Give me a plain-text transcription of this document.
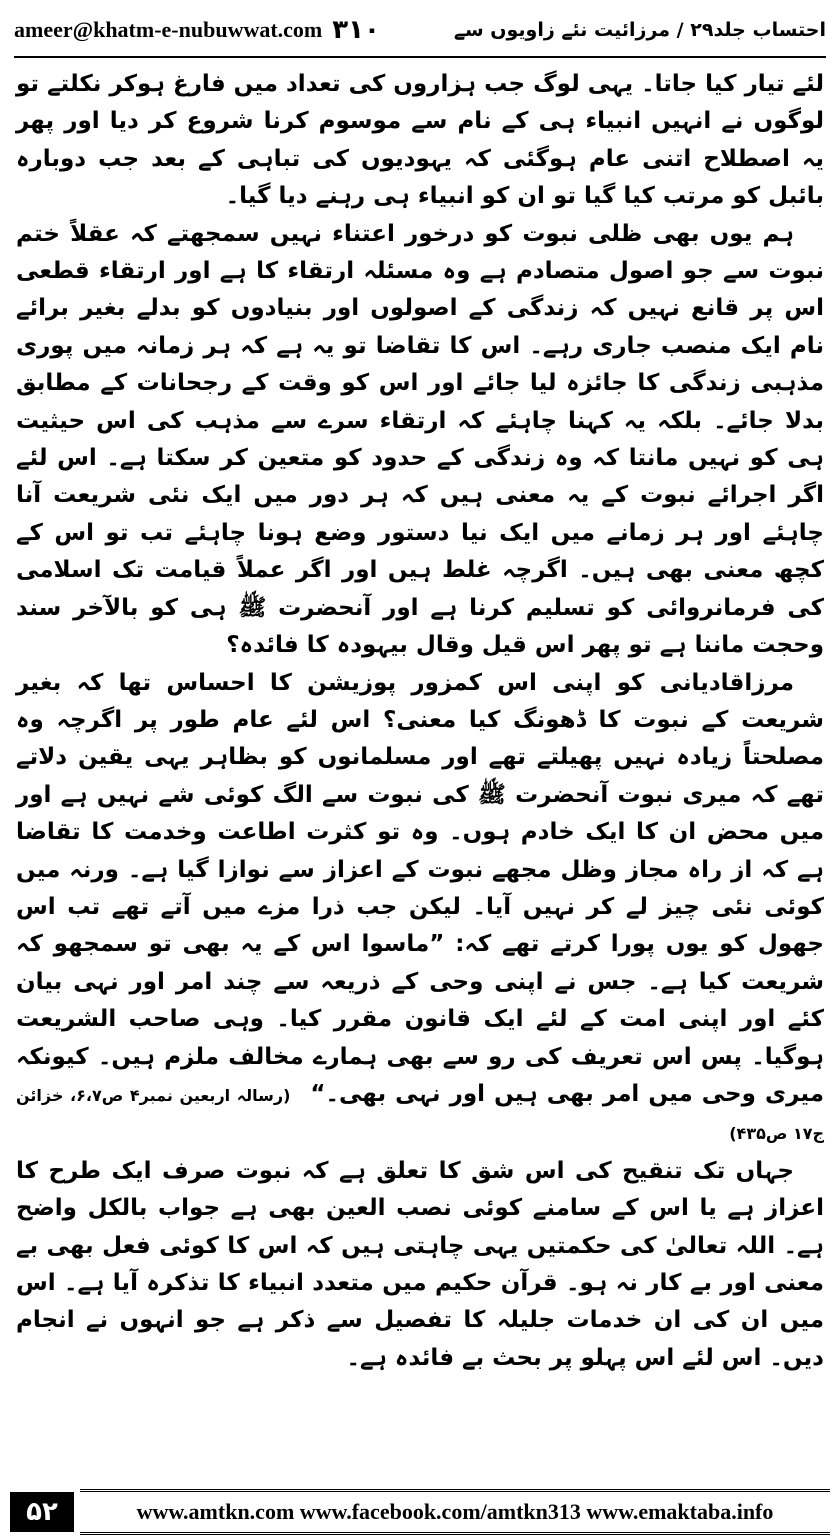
ameer@khatm-e-nubuwwat.com ۳۱۰	احتساب جلد۲۹ / مرزائیت نئے زاویوں سے

لئے تیار کیا جاتا۔ یہی لوگ جب ہزاروں کی تعداد میں فارغ ہوکر نکلتے تو لوگوں نے انہیں انبیاء ہی کے نام سے موسوم کرنا شروع کر دیا اور پھر یہ اصطلاح اتنی عام ہوگئی کہ یہودیوں کی تباہی کے بعد جب دوبارہ بائبل کو مرتب کیا گیا تو ان کو انبیاء ہی رہنے دیا گیا۔

ہم یوں بھی ظلی نبوت کو درخور اعتناء نہیں سمجھتے کہ عقلاً ختم نبوت سے جو اصول متصادم ہے وہ مسئلہ ارتقاء کا ہے اور ارتقاء قطعی اس پر قانع نہیں کہ زندگی کے اصولوں اور بنیادوں کو بدلے بغیر برائے نام ایک منصب جاری رہے۔ اس کا تقاضا تو یہ ہے کہ ہر زمانہ میں پوری مذہبی زندگی کا جائزہ لیا جائے اور اس کو وقت کے رجحانات کے مطابق بدلا جائے۔ بلکہ یہ کہنا چاہئے کہ ارتقاء سرے سے مذہب کی اس حیثیت ہی کو نہیں مانتا کہ وہ زندگی کے حدود کو متعین کر سکتا ہے۔ اس لئے اگر اجرائے نبوت کے یہ معنی ہیں کہ ہر دور میں ایک نئی شریعت آنا چاہئے اور ہر زمانے میں ایک نیا دستور وضع ہونا چاہئے تب تو اس کے کچھ معنی بھی ہیں۔ اگرچہ غلط ہیں اور اگر عملاً قیامت تک اسلامی کی فرمانروائی کو تسلیم کرنا ہے اور آنحضرت ﷺ ہی کو بالآخر سند وحجت ماننا ہے تو پھر اس قیل وقال بیہودہ کا فائدہ؟

مرزاقادیانی کو اپنی اس کمزور پوزیشن کا احساس تھا کہ بغیر شریعت کے نبوت کا ڈھونگ کیا معنی؟ اس لئے عام طور پر اگرچہ وہ مصلحتاً زیادہ نہیں پھیلتے تھے اور مسلمانوں کو بظاہر یہی یقین دلاتے تھے کہ میری نبوت آنحضرت ﷺ کی نبوت سے الگ کوئی شے نہیں ہے اور میں محض ان کا ایک خادم ہوں۔ وہ تو کثرت اطاعت وخدمت کا تقاضا ہے کہ از راہ مجاز وظل مجھے نبوت کے اعزاز سے نوازا گیا ہے۔ ورنہ میں کوئی نئی چیز لے کر نہیں آیا۔ لیکن جب ذرا مزے میں آتے تھے تب اس جھول کو یوں پورا کرتے تھے کہ: ”ماسوا اس کے یہ بھی تو سمجھو کہ شریعت کیا ہے۔ جس نے اپنی وحی کے ذریعہ سے چند امر اور نہی بیان کئے اور اپنی امت کے لئے ایک قانون مقرر کیا۔ وہی صاحب الشریعت ہوگیا۔ پس اس تعریف کی رو سے بھی ہمارے مخالف ملزم ہیں۔ کیونکہ میری وحی میں امر بھی ہیں اور نہی بھی۔“(رسالہ اربعین نمبر۴ ص۶،۷، خزائن ج۱۷ ص۴۳۵)

جہاں تک تنقیح کی اس شق کا تعلق ہے کہ نبوت صرف ایک طرح کا اعزاز ہے یا اس کے سامنے کوئی نصب العین بھی ہے جواب بالکل واضح ہے۔ اللہ تعالیٰ کی حکمتیں یہی چاہتی ہیں کہ اس کا کوئی فعل بھی بے معنی اور بے کار نہ ہو۔ قرآن حکیم میں متعدد انبیاء کا تذکرہ آیا ہے۔ اس میں ان کی ان خدمات جلیلہ کا تفصیل سے ذکر ہے جو انہوں نے انجام دیں۔ اس لئے اس پہلو پر بحث بے فائدہ ہے۔

۵۲	www.amtkn.com www.facebook.com/amtkn313 www.emaktaba.info
